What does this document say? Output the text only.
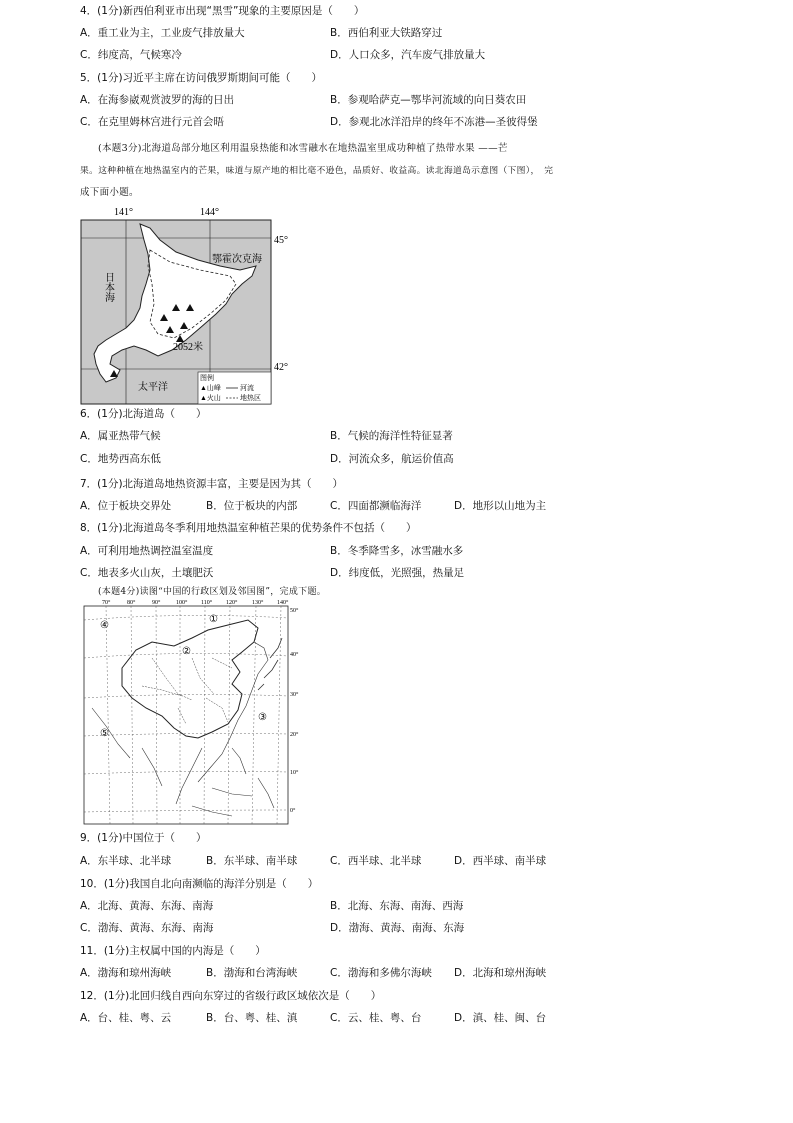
4．(1分)新西伯利亚市出现“黑雪”现象的主要原因是（　　）
A．重工业为主，工业废气排放量大	B．西伯利亚大铁路穿过
C．纬度高，气候寒冷	D．人口众多，汽车废气排放量大
5．(1分)习近平主席在访问俄罗斯期间可能（　　）
A．在海参崴观赏波罗的海的日出	B．参观哈萨克—鄂毕河流域的向日葵农田
C．在克里姆林宫进行元首会晤	D．参观北冰洋沿岸的终年不冻港—圣彼得堡
(本题3分)北海道岛部分地区利用温泉热能和冰雪融水在地热温室里成功种植了热带水果 ——芒
果。这种种植在地热温室内的芒果，味道与原产地的相比毫不逊色，品质好、收益高。读北海道岛示意图（下图），　完
成下面小题。
141°	144°
日本海
鄂霍次克海
太平洋
2052米
45°
42°
图例
▲山峰	河流
▲火山	地热区
6．(1分)北海道岛（　　）
A．属亚热带气候	B．气候的海洋性特征显著
C．地势西高东低	D．河流众多，航运价值高
7．(1分)北海道岛地热资源丰富，主要是因为其（　　）
A．位于板块交界处	B．位于板块的内部	C．四面都濒临海洋	D．地形以山地为主
8．(1分)北海道岛冬季利用地热温室种植芒果的优势条件不包括（　　）
A．可利用地热调控温室温度	B．冬季降雪多，冰雪融水多
C．地表多火山灰，土壤肥沃	D．纬度低，光照强，热量足
(本题4分)读图“中国的行政区划及邻国图”，完成下题。
70°	80°	90°	100° 110° 120° 130° 140°
50°
40°
30°
20°
10°
0°
①
②
③
④
⑤
9．(1分)中国位于（　　）
A．东半球、北半球	B．东半球、南半球	C．西半球、北半球	D．西半球、南半球
10．(1分)我国自北向南濒临的海洋分别是（　　）
A．北海、黄海、东海、南海	B．北海、东海、南海、西海
C．渤海、黄海、东海、南海	D．渤海、黄海、南海、东海
11．(1分)主权属中国的内海是（　　）
A．渤海和琼州海峡	B．渤海和台湾海峡	C．渤海和多佛尔海峡 D．北海和琼州海峡
12．(1分)北回归线自西向东穿过的省级行政区域依次是（　　）
A．台、桂、粤、云	B．台、粤、桂、滇	C．云、桂、粤、台	D．滇、桂、闽、台
